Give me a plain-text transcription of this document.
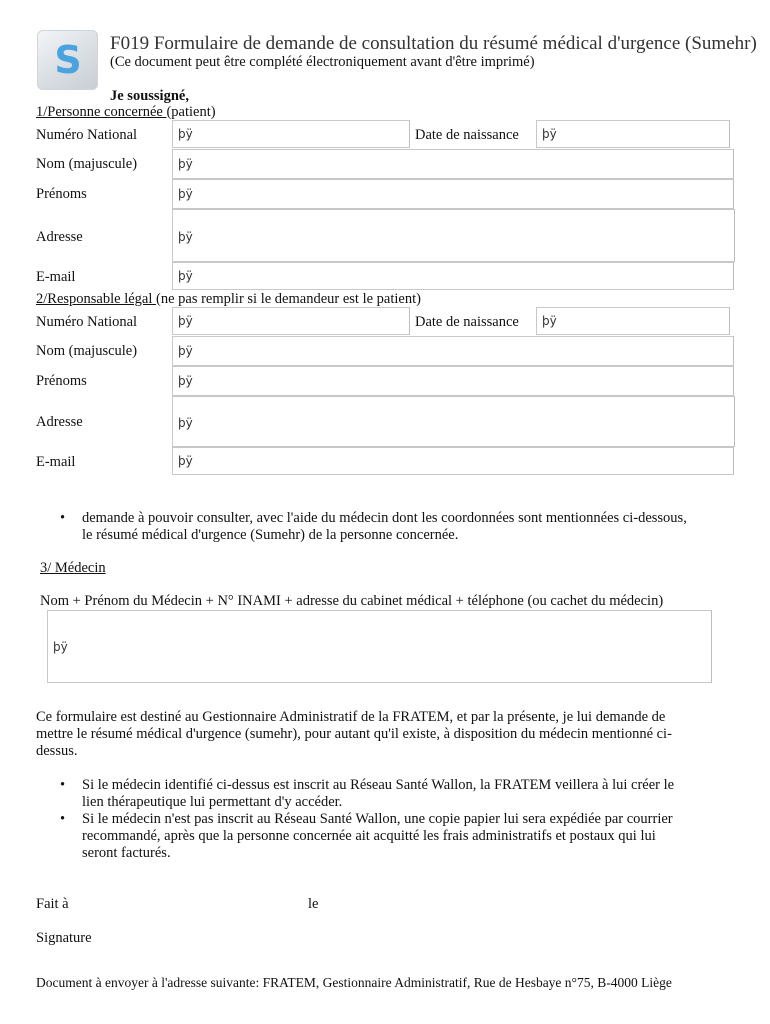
S F019 Formulaire de demande de consultation du résumé médical d'urgence (Sumehr)
(Ce document peut être complété électroniquement avant d'être imprimé)
Je soussigné,
1/Personne concernée (patient)
Numéro National	þÿ	Date de naissance þÿ
Nom (majuscule)	þÿ
Prénoms	þÿ
Adresse	þÿ
E-mail	þÿ
2/Responsable légal (ne pas remplir si le demandeur est le patient)
Numéro National	þÿ	Date de naissance þÿ
Nom (majuscule)	þÿ
Prénoms	þÿ
Adresse	þÿ
E-mail	þÿ
• demande à pouvoir consulter, avec l'aide du médecin dont les coordonnées sont mentionnées ci-dessous,
le résumé médical d'urgence (Sumehr) de la personne concernée.
3/ Médecin
Nom + Prénom du Médecin + N° INAMI + adresse du cabinet médical + téléphone (ou cachet du médecin)
þÿ
Ce formulaire est destiné au Gestionnaire Administratif de la FRATEM, et par la présente, je lui demande de
mettre le résumé médical d'urgence (sumehr), pour autant qu'il existe, à disposition du médecin mentionné ci-
dessus.
• Si le médecin identifié ci-dessus est inscrit au Réseau Santé Wallon, la FRATEM veillera à lui créer le
lien thérapeutique lui permettant d'y accéder.
• Si le médecin n'est pas inscrit au Réseau Santé Wallon, une copie papier lui sera expédiée par courrier
recommandé, après que la personne concernée ait acquitté les frais administratifs et postaux qui lui
seront facturés.
Fait à	le
Signature
Document à envoyer à l'adresse suivante: FRATEM, Gestionnaire Administratif, Rue de Hesbaye n°75, B-4000 Liège
